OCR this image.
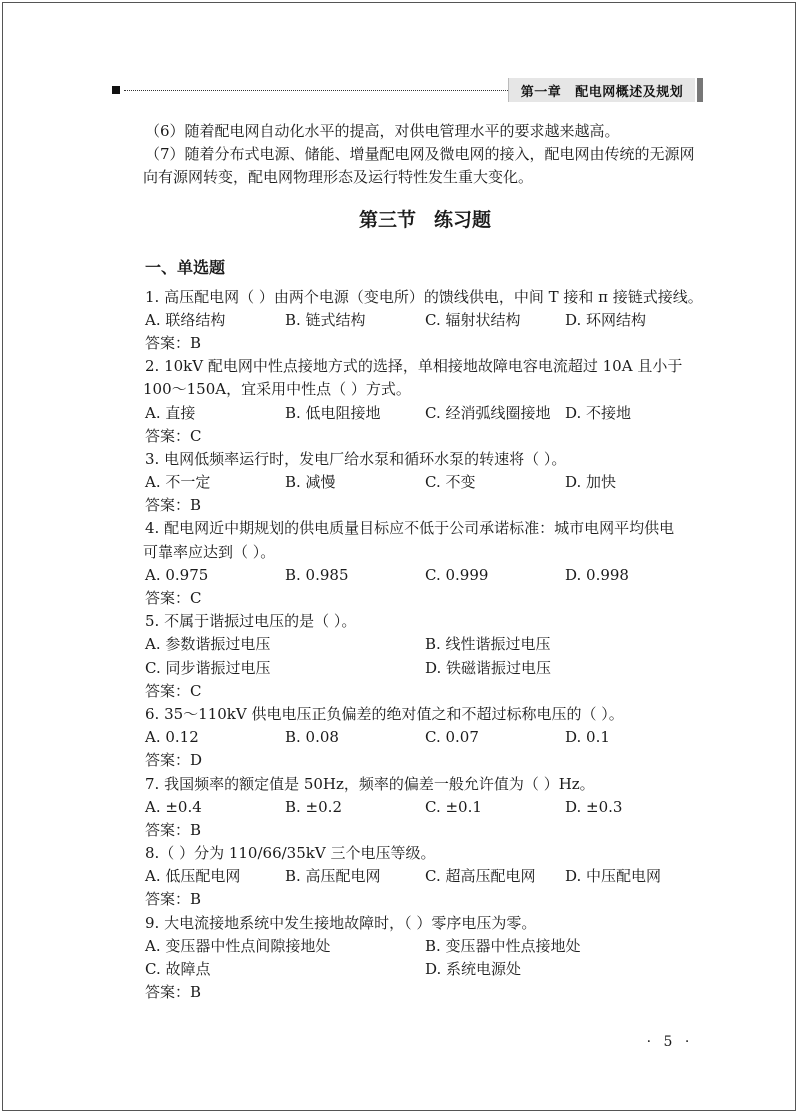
第一章 配电网概述及规划
（6）随着配电网自动化水平的提高，对供电管理水平的要求越来越高。
（7）随着分布式电源、储能、增量配电网及微电网的接入，配电网由传统的无源网
向有源网转变，配电网物理形态及运行特性发生重大变化。
第三节 练习题
一、单选题
1. 高压配电网（ ）由两个电源（变电所）的馈线供电，中间 T 接和 π 接链式接线。
A. 联络结构	B. 链式结构	C. 辐射状结构	D. 环网结构
答案：B
2. 10kV 配电网中性点接地方式的选择，单相接地故障电容电流超过 10A 且小于
100～150A，宜采用中性点（ ）方式。
A. 直接	B. 低电阻接地	C. 经消弧线圈接地 D. 不接地
答案：C
3. 电网低频率运行时，发电厂给水泵和循环水泵的转速将（ ）。
A. 不一定	B. 减慢	C. 不变	D. 加快
答案：B
4. 配电网近中期规划的供电质量目标应不低于公司承诺标准：城市电网平均供电
可靠率应达到（ ）。
A. 0.975	B. 0.985	C. 0.999	D. 0.998
答案：C
5. 不属于谐振过电压的是（ ）。
A. 参数谐振过电压	B. 线性谐振过电压
C. 同步谐振过电压	D. 铁磁谐振过电压
答案：C
6. 35～110kV 供电电压正负偏差的绝对值之和不超过标称电压的（ ）。
A. 0.12	B. 0.08	C. 0.07	D. 0.1
答案：D
7. 我国频率的额定值是 50Hz，频率的偏差一般允许值为（ ）Hz。
A. ±0.4	B. ±0.2	C. ±0.1	D. ±0.3
答案：B
8.（ ）分为 110/66/35kV 三个电压等级。
A. 低压配电网	B. 高压配电网	C. 超高压配电网	D. 中压配电网
答案：B
9. 大电流接地系统中发生接地故障时，（ ）零序电压为零。
A. 变压器中性点间隙接地处	B. 变压器中性点接地处
C. 故障点	D. 系统电源处
答案：B
· 5 ·
